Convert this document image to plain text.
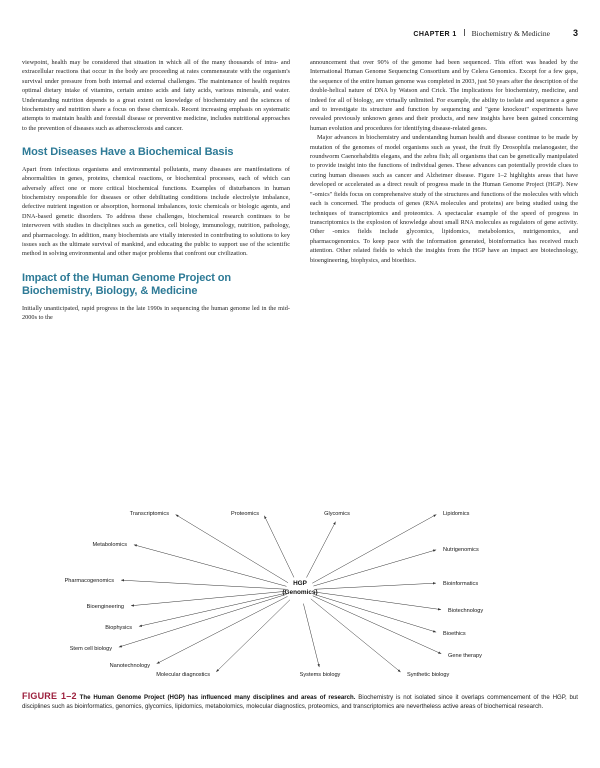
CHAPTER 1 Biochemistry & Medicine	3

viewpoint, health may be considered that situation in which all of the many thousands of intra- and extracellular reactions that occur in the body are proceeding at rates commensurate with the organism's survival under pressure from both internal and external challenges. The maintenance of health requires optimal dietary intake of vitamins, certain amino acids and fatty acids, various minerals, and water. Understanding nutrition depends to a great extent on knowledge of biochemistry and the sciences of biochemistry and nutrition share a focus on these chemicals. Recent increasing emphasis on systematic attempts to maintain health and forestall disease or preventive medicine, includes nutritional approaches to the prevention of diseases such as atherosclerosis and cancer.

Most Diseases Have a Biochemical Basis

Apart from infectious organisms and environmental pollutants, many diseases are manifestations of abnormalities in genes, proteins, chemical reactions, or biochemical processes, each of which can adversely affect one or more critical biochemical functions. Examples of disturbances in human biochemistry responsible for diseases or other debilitating conditions include electrolyte imbalance, defective nutrient ingestion or absorption, hormonal imbalances, toxic chemicals or biologic agents, and DNA-based genetic disorders. To address these challenges, biochemical research continues to be interwoven with studies in disciplines such as genetics, cell biology, immunology, nutrition, pathology, and pharmacology. In addition, many biochemists are vitally interested in contributing to solutions to key issues such as the ultimate survival of mankind, and educating the public to support use of the scientific method in solving environmental and other major problems that confront our civilization.

Impact of the Human Genome Project on Biochemistry, Biology, & Medicine

Initially unanticipated, rapid progress in the late 1990s in sequencing the human genome led in the mid-2000s to the

announcement that over 90% of the genome had been sequenced. This effort was headed by the International Human Genome Sequencing Consortium and by Celera Genomics. Except for a few gaps, the sequence of the entire human genome was completed in 2003, just 50 years after the description of the double-helical nature of DNA by Watson and Crick. The implications for biochemistry, medicine, and indeed for all of biology, are virtually unlimited. For example, the ability to isolate and sequence a gene and to investigate its structure and function by sequencing and "gene knockout" experiments have revealed previously unknown genes and their products, and new insights have been gained concerning human evolution and procedures for identifying disease-related genes.

Major advances in biochemistry and understanding human health and disease continue to be made by mutation of the genomes of model organisms such as yeast, the fruit fly Drosophila melanogaster, the roundworm Caenorhabditis elegans, and the zebra fish; all organisms that can be genetically manipulated to provide insight into the functions of individual genes. These advances can potentially provide clues to curing human diseases such as cancer and Alzheimer disease. Figure 1–2 highlights areas that have developed or accelerated as a direct result of progress made in the Human Genome Project (HGP). New "-omics" fields focus on comprehensive study of the structures and functions of the molecules with which each is concerned. The products of genes (RNA molecules and proteins) are being studied using the techniques of transcriptomics and proteomics. A spectacular example of the speed of progress in transcriptomics is the explosion of knowledge about small RNA molecules as regulators of gene activity. Other -omics fields include glycomics, lipidomics, metabolomics, nutrigenomics, and pharmacogenomics. To keep pace with the information generated, bioinformatics has received much attention. Other related fields to which the insights from the HGP have an impact are biotechnology, bioengineering, biophysics, and bioethics.

Transcriptomics	Proteomics	Glycomics	Lipidomics
Metabolomics
Nutrigenomics
Pharmacogenomics	Bioinformatics
Bioengineering
Biotechnology
Biophysics
Bioethics
Stem cell biology
Gene therapy
Nanotechnology
Molecular diagnostics	Systems biology	Synthetic biology
HGP
(Genomics)
FIGURE 1–2 The Human Genome Project (HGP) has influenced many disciplines and areas of research. Biochemistry is not isolated since it overlaps commencement of the HGP, but disciplines such as bioinformatics, genomics, glycomics, lipidomics, metabolomics, molecular diagnostics, proteomics, and transcriptomics are nevertheless active areas of biochemical research.
